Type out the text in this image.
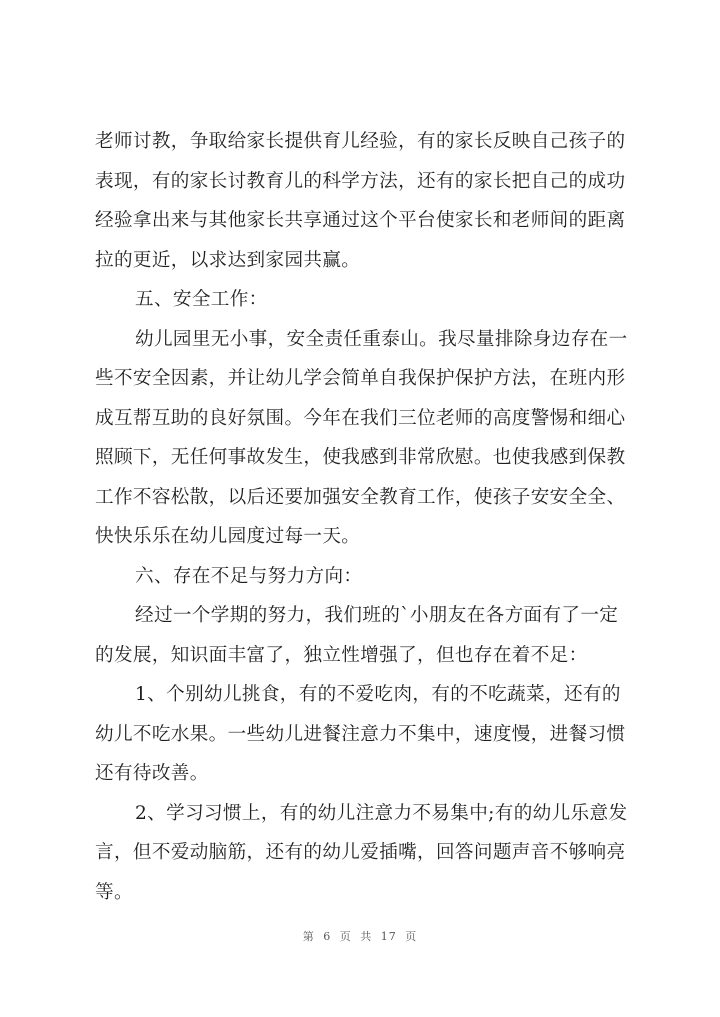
老师讨教，争取给家长提供育儿经验，有的家长反映自己孩子的
表现，有的家长讨教育儿的科学方法，还有的家长把自己的成功
经验拿出来与其他家长共享通过这个平台使家长和老师间的距离
拉的更近，以求达到家园共赢。
五、安全工作：
幼儿园里无小事，安全责任重泰山。我尽量排除身边存在一
些不安全因素，并让幼儿学会简单自我保护保护方法，在班内形
成互帮互助的良好氛围。今年在我们三位老师的高度警惕和细心
照顾下，无任何事故发生，使我感到非常欣慰。也使我感到保教
工作不容松散，以后还要加强安全教育工作，使孩子安安全全、
快快乐乐在幼儿园度过每一天。
六、存在不足与努力方向：
经过一个学期的努力，我们班的`小朋友在各方面有了一定
的发展，知识面丰富了，独立性增强了，但也存在着不足：
1、个别幼儿挑食，有的不爱吃肉，有的不吃蔬菜，还有的
幼儿不吃水果。一些幼儿进餐注意力不集中，速度慢，进餐习惯
还有待改善。
2、学习习惯上，有的幼儿注意力不易集中;有的幼儿乐意发
言，但不爱动脑筋，还有的幼儿爱插嘴，回答问题声音不够响亮
等。
第 6 页 共 17 页
